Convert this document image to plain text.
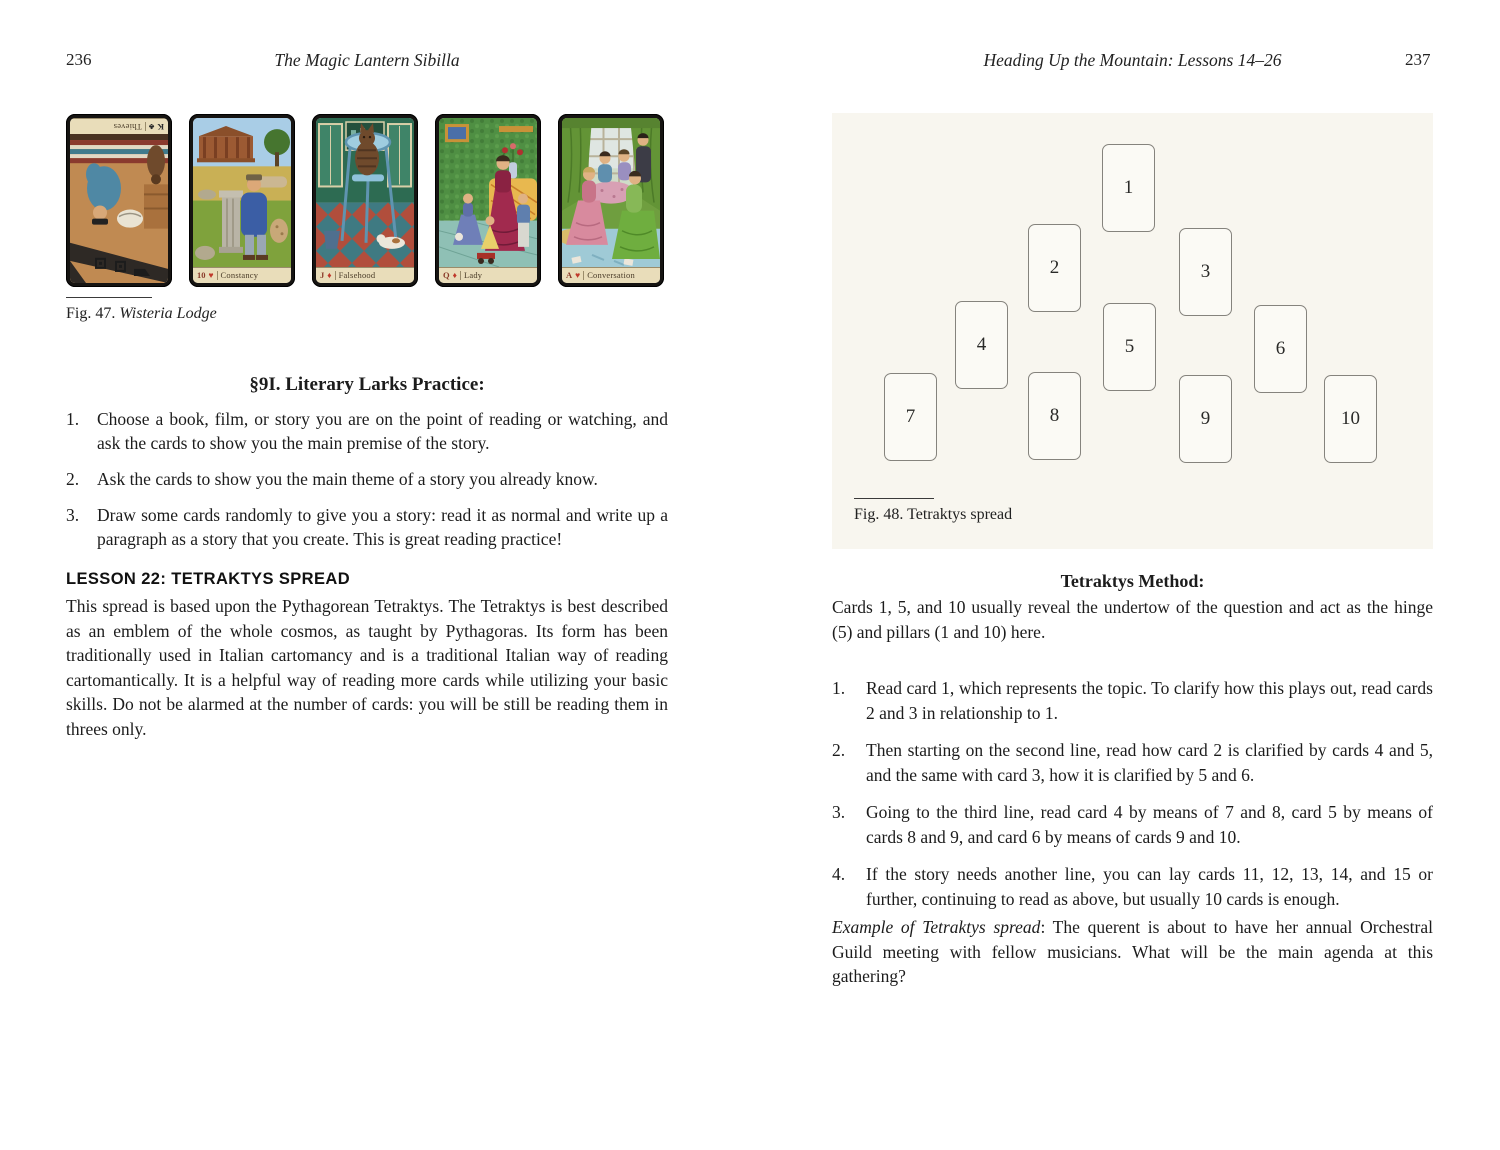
236	The Magic Lantern Sibilla	Heading Up the Mountain: Lessons 14–26	237
K
♣
Thieves
10 ♥ Constancy	J ♦ Falsehood	Q ♦ Lady	A ♥ Conversation
Fig. 47. Wisteria Lodge
§9I. Literary Larks Practice:
1.	Choose a book, film, or story you are on the point of reading or watching, and ask the cards to show you the main premise of the story.
2.	Ask the cards to show you the main theme of a story you already know.
3.	Draw some cards randomly to give you a story: read it as normal and write up a paragraph as a story that you create. This is great reading practice!
LESSON 22: TETRAKTYS SPREAD
This spread is based upon the Pythagorean Tetraktys. The Tetraktys is best described as an emblem of the whole cosmos, as taught by Pythagoras. Its form has been traditionally used in Italian cartomancy and is a traditional Italian way of reading cartomantically. It is a helpful way of reading more cards while utilizing your basic skills. Do not be alarmed at the number of cards: you will be still be reading them in threes only.
1
2	3
4	5	6
7	8	9	10
Fig. 48. Tetraktys spread
Tetraktys Method:
Cards 1, 5, and 10 usually reveal the undertow of the question and act as the hinge (5) and pillars (1 and 10) here.
1.	Read card 1, which represents the topic. To clarify how this plays out, read cards 2 and 3 in relationship to 1.
2.	Then starting on the second line, read how card 2 is clarified by cards 4 and 5, and the same with card 3, how it is clarified by 5 and 6.
3.	Going to the third line, read card 4 by means of 7 and 8, card 5 by means of cards 8 and 9, and card 6 by means of cards 9 and 10.
4.	If the story needs another line, you can lay cards 11, 12, 13, 14, and 15 or further, continuing to read as above, but usually 10 cards is enough.
Example of Tetraktys spread: The querent is about to have her annual Orchestral Guild meeting with fellow musicians. What will be the main agenda at this gathering?
